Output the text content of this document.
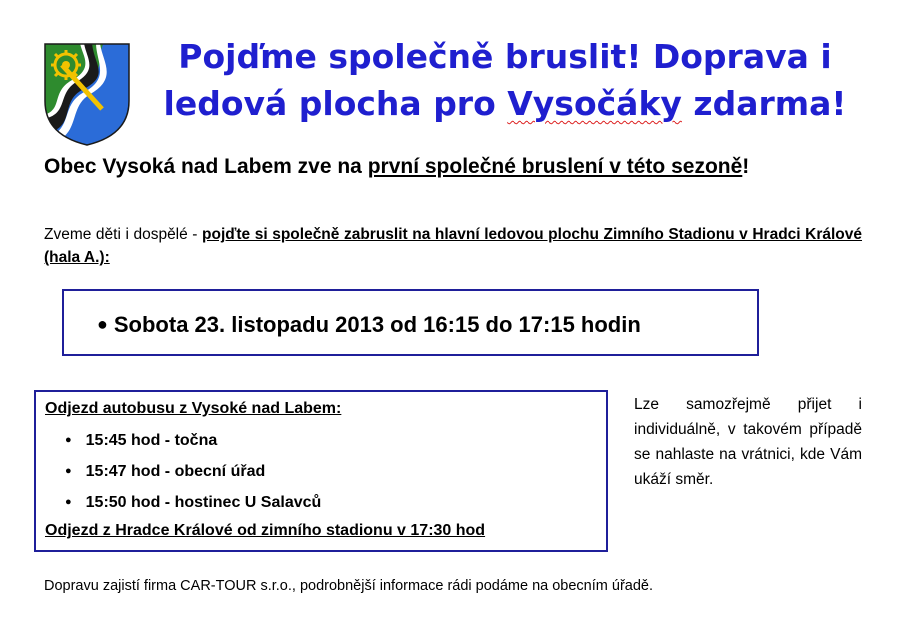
Pojďme společně bruslit! Doprava i
ledová plocha pro Vysočáky zdarma!
Obec Vysoká nad Labem zve na první společné bruslení v této sezoně!
Zveme děti i dospělé - pojďte si společně zabruslit na hlavní ledovou plochu Zimního Stadionu v Hradci Králové (hala A.):
● Sobota 23. listopadu 2013 od 16:15 do 17:15 hodin
Odjezd autobusu z Vysoké nad Labem:
● 15:45 hod - točna
● 15:47 hod - obecní úřad
● 15:50 hod - hostinec U Salavců
Odjezd z Hradce Králové od zimního stadionu v 17:30 hod
Lze samozřejmě přijet i individuálně, v takovém případě se nahlaste na vrátnici, kde Vám ukáží směr.
Dopravu zajistí firma CAR-TOUR s.r.o., podrobnější informace rádi podáme na obecním úřadě.
